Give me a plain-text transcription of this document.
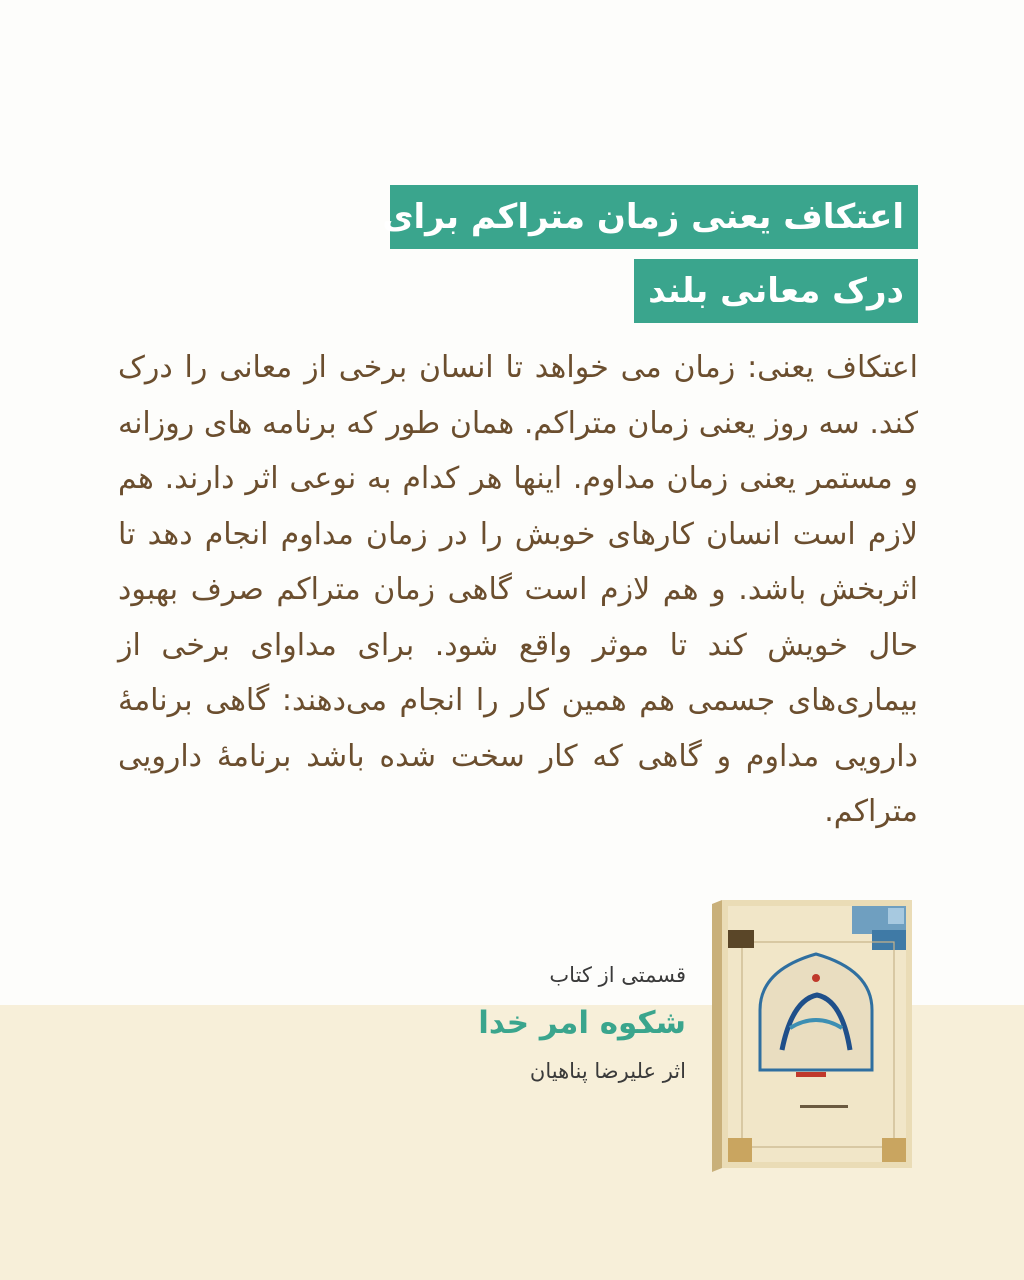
اعتکاف یعنی زمان متراکم برای
درک معانی بلند

اعتکاف یعنی: زمان می خواهد تا انسان برخی از معانی را درک کند. سه روز یعنی زمان متراکم. همان طور که برنامه های روزانه و مستمر یعنی زمان مداوم. اینها هر کدام به نوعی اثر دارند. هم لازم است انسان کارهای خوبش را در زمان مداوم انجام دهد تا اثربخش باشد. و هم لازم است گاهی زمان متراکم صرف بهبود حال خویش کند تا موثر واقع شود. برای مداوای برخی از بیماری‌های جسمی هم همین کار را انجام می‌دهند: گاهی برنامۀ دارویی مداوم و گاهی که کار سخت شده باشد برنامۀ دارویی متراکم.

قسمتی از کتاب
شکوه امر خدا
اثر علیرضا پناهیان
